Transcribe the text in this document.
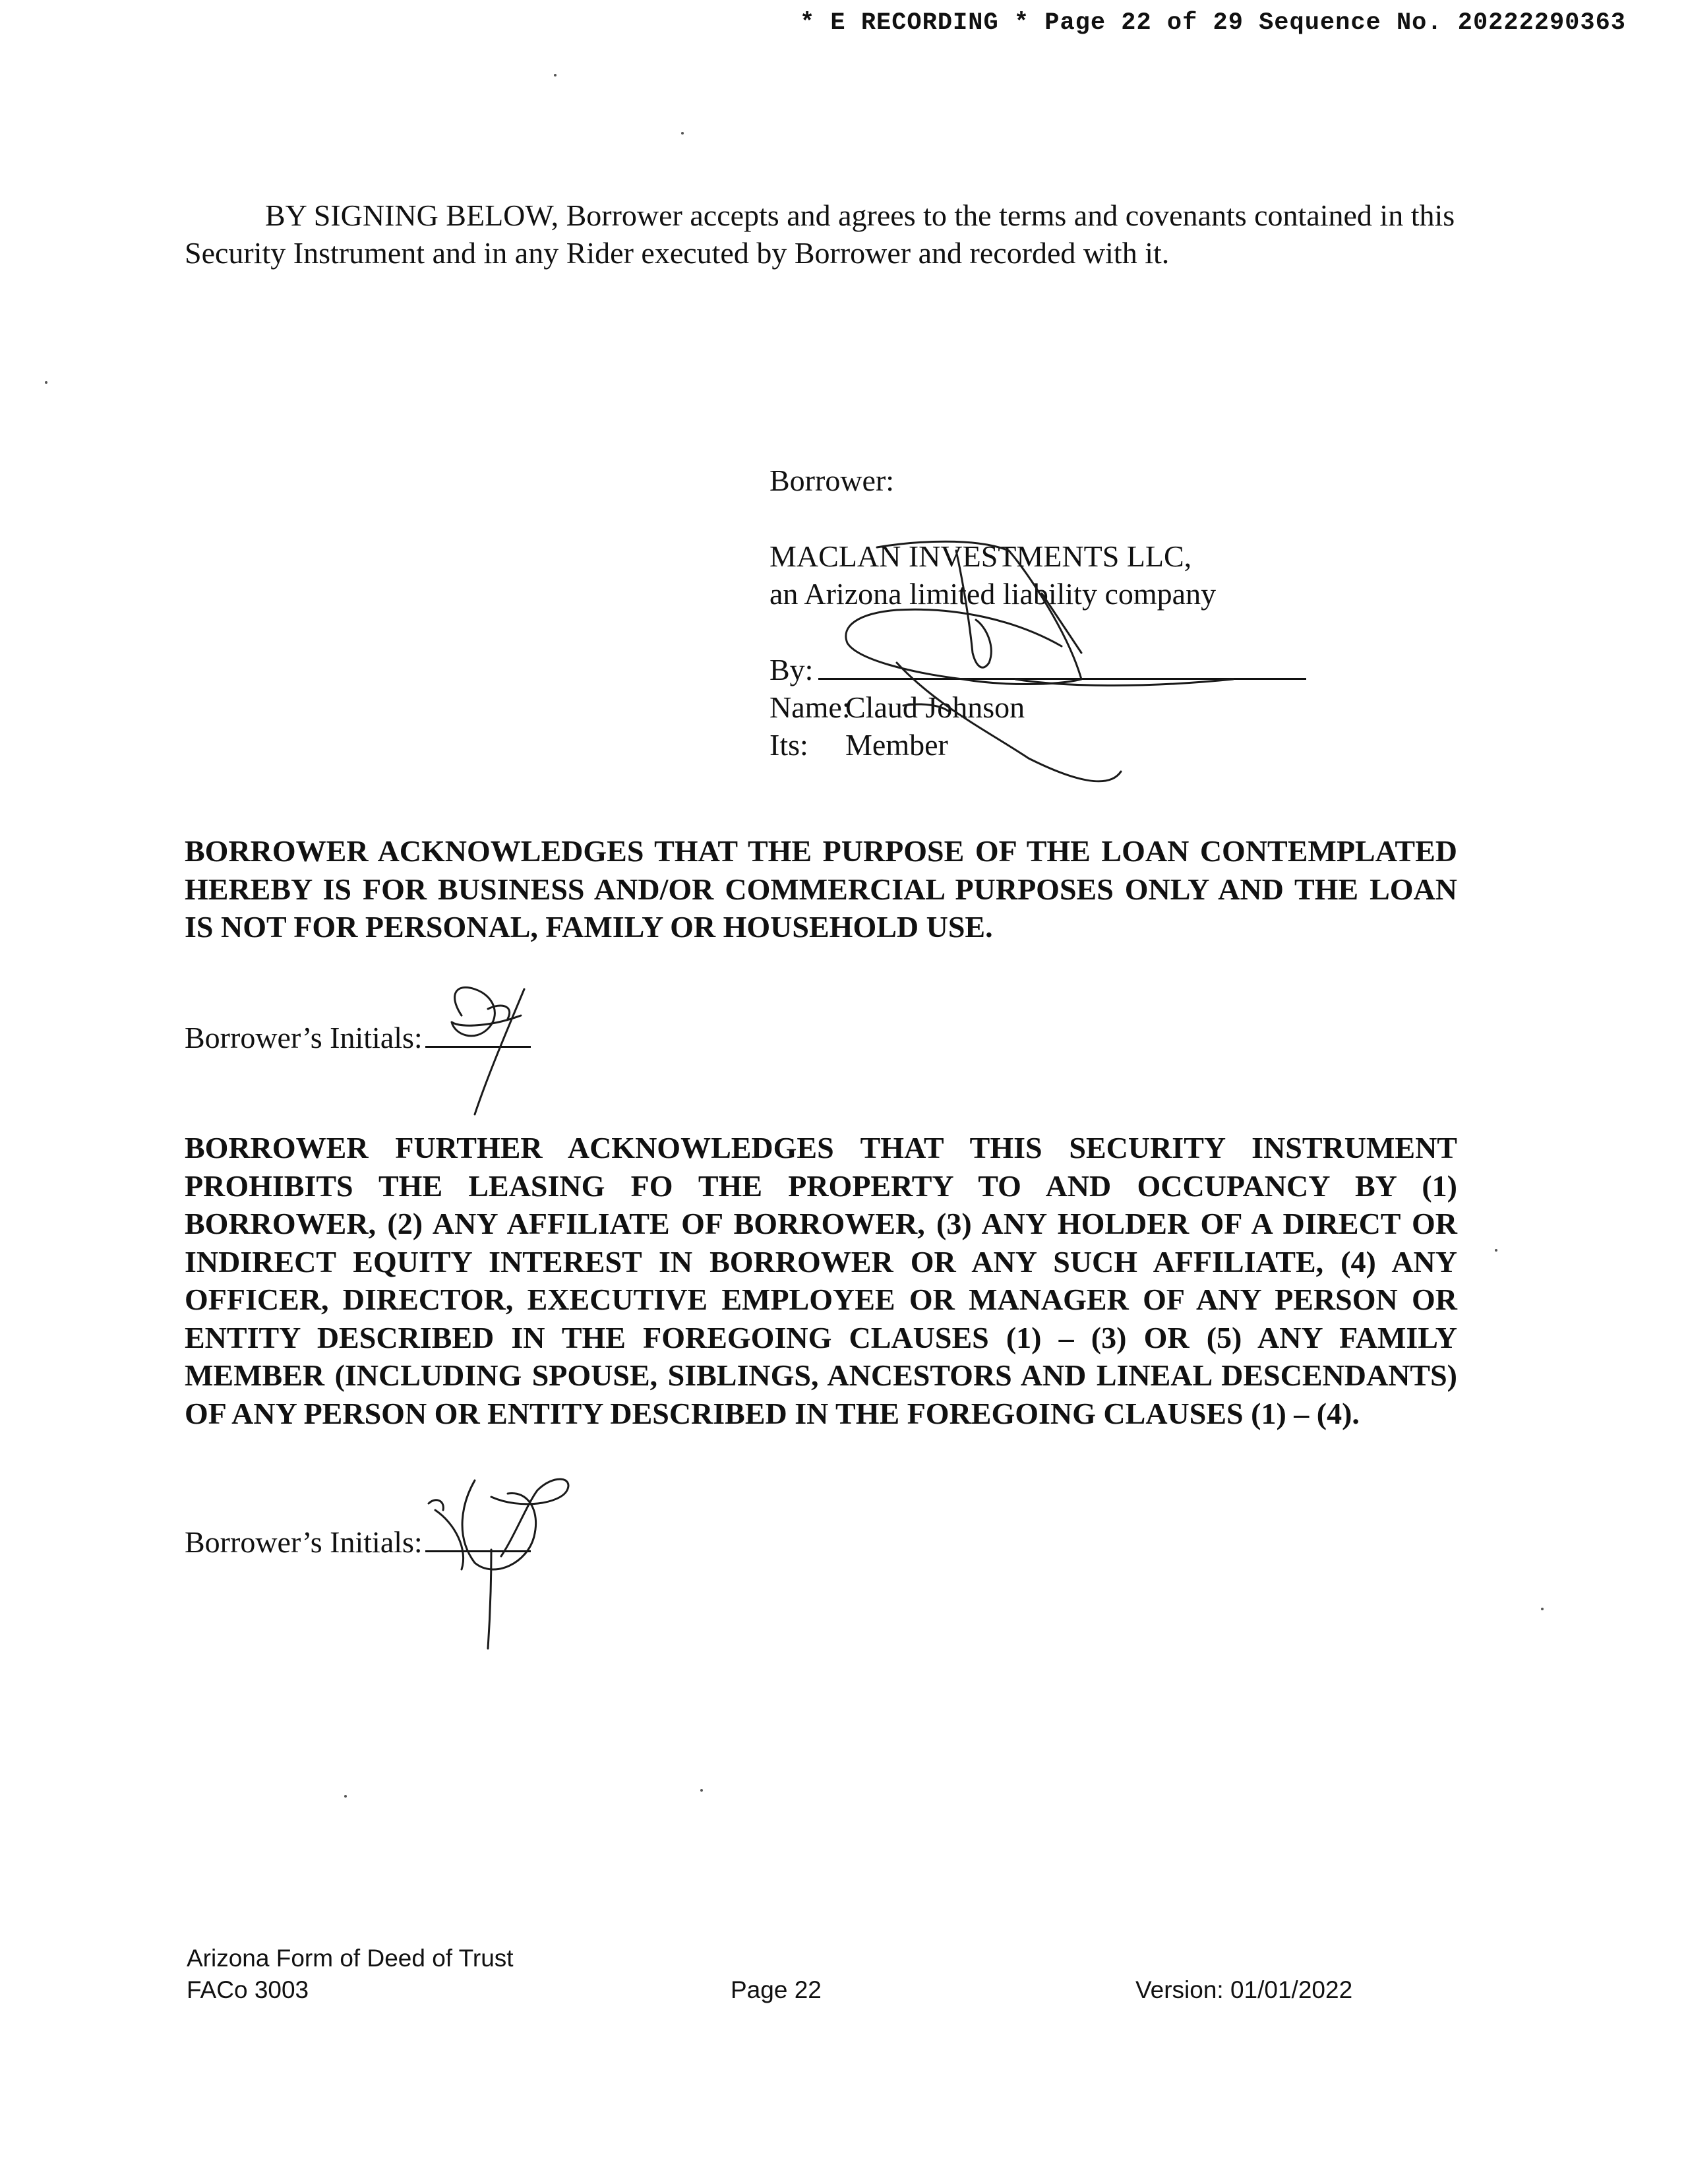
* E RECORDING * Page 22 of 29 Sequence No. 20222290363

BY SIGNING BELOW, Borrower accepts and agrees to the terms and covenants contained in this Security Instrument and in any Rider executed by Borrower and recorded with it.

Borrower:
MACLAN INVESTMENTS LLC,
an Arizona limited liability company
By:
Name:Claud Johnson
Its: Member

BORROWER ACKNOWLEDGES THAT THE PURPOSE OF THE LOAN CONTEMPLATED HEREBY IS FOR BUSINESS AND/OR COMMERCIAL PURPOSES ONLY AND THE LOAN IS NOT FOR PERSONAL, FAMILY OR HOUSEHOLD USE.

Borrower’s Initials:

BORROWER FURTHER ACKNOWLEDGES THAT THIS SECURITY INSTRUMENT PROHIBITS THE LEASING FO THE PROPERTY TO AND OCCUPANCY BY (1) BORROWER, (2) ANY AFFILIATE OF BORROWER, (3) ANY HOLDER OF A DIRECT OR INDIRECT EQUITY INTEREST IN BORROWER OR ANY SUCH AFFILIATE, (4) ANY OFFICER, DIRECTOR, EXECUTIVE EMPLOYEE OR MANAGER OF ANY PERSON OR ENTITY DESCRIBED IN THE FOREGOING CLAUSES (1) – (3) OR (5) ANY FAMILY MEMBER (INCLUDING SPOUSE, SIBLINGS, ANCESTORS AND LINEAL DESCENDANTS) OF ANY PERSON OR ENTITY DESCRIBED IN THE FOREGOING CLAUSES (1) – (4).

Borrower’s Initials:
Arizona Form of Deed of Trust
FACo 3003	Page 22	Version: 01/01/2022
